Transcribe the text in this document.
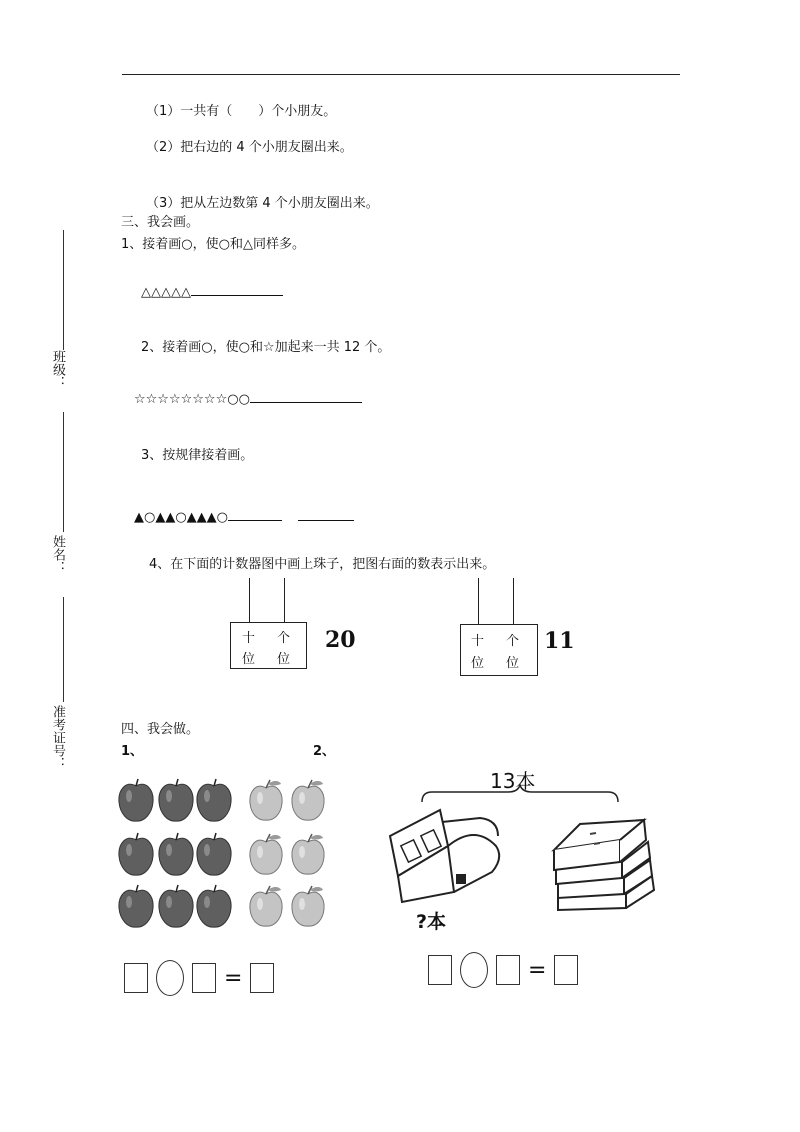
班级：
姓名：
准考证号：
（1）一共有（　　）个小朋友。
（2）把右边的 4 个小朋友圈出来。
（3）把从左边数第 4 个小朋友圈出来。
三、我会画。
1、接着画○，使○和△同样多。
△△△△△
2、接着画○，使○和☆加起来一共 12 个。
☆☆☆☆☆☆☆☆○○
3、按规律接着画。
▲○▲▲○▲▲▲○
4、在下面的计数器图中画上珠子，把图右面的数表示出来。
十 个
位 位
20	十 个
位 位
11
四、我会做。
1、	2、
=
13本
?本
=
